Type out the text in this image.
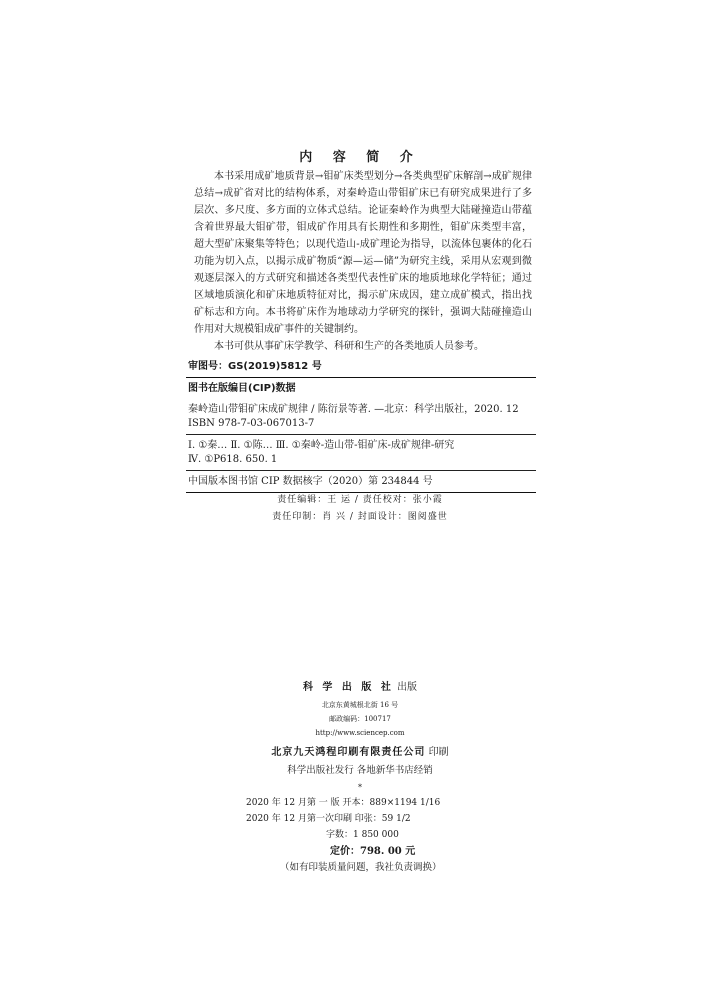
内 容 简 介

本书采用成矿地质背景→钼矿床类型划分→各类典型矿床解剖→成矿规律总结→成矿省对比的结构体系，对秦岭造山带钼矿床已有研究成果进行了多层次、多尺度、多方面的立体式总结。论证秦岭作为典型大陆碰撞造山带蕴含着世界最大钼矿带，钼成矿作用具有长期性和多期性，钼矿床类型丰富，超大型矿床聚集等特色；以现代造山-成矿理论为指导，以流体包裹体的化石功能为切入点，以揭示成矿物质“源—运—储”为研究主线，采用从宏观到微观逐层深入的方式研究和描述各类型代表性矿床的地质地球化学特征；通过区域地质演化和矿床地质特征对比，揭示矿床成因，建立成矿模式，指出找矿标志和方向。本书将矿床作为地球动力学研究的探针，强调大陆碰撞造山作用对大规模钼成矿事件的关键制约。

本书可供从事矿床学教学、科研和生产的各类地质人员参考。

审图号：GS(2019)5812 号
图书在版编目(CIP)数据
秦岭造山带钼矿床成矿规律 / 陈衍景等著. —北京：科学出版社，2020. 12
ISBN 978-7-03-067013-7
Ⅰ. ①秦… Ⅱ. ①陈… Ⅲ. ①秦岭-造山带-钼矿床-成矿规律-研究
Ⅳ. ①P618. 650. 1
中国版本图书馆 CIP 数据核字（2020）第 234844 号
责任编辑：王 运 / 责任校对：张小霞
责任印制：肖 兴 / 封面设计：图阅盛世
科 学 出 版 社 出版
北京东黄城根北街 16 号
邮政编码：100717
http://www.sciencep.com
北京九天鸿程印刷有限责任公司 印刷
科学出版社发行 各地新华书店经销
*
2020 年 12 月第 一 版 开本：889×1194 1/16
2020 年 12 月第一次印刷 印张：59 1/2
字数：1 850 000
定价：798. 00 元
（如有印装质量问题，我社负责调换）
